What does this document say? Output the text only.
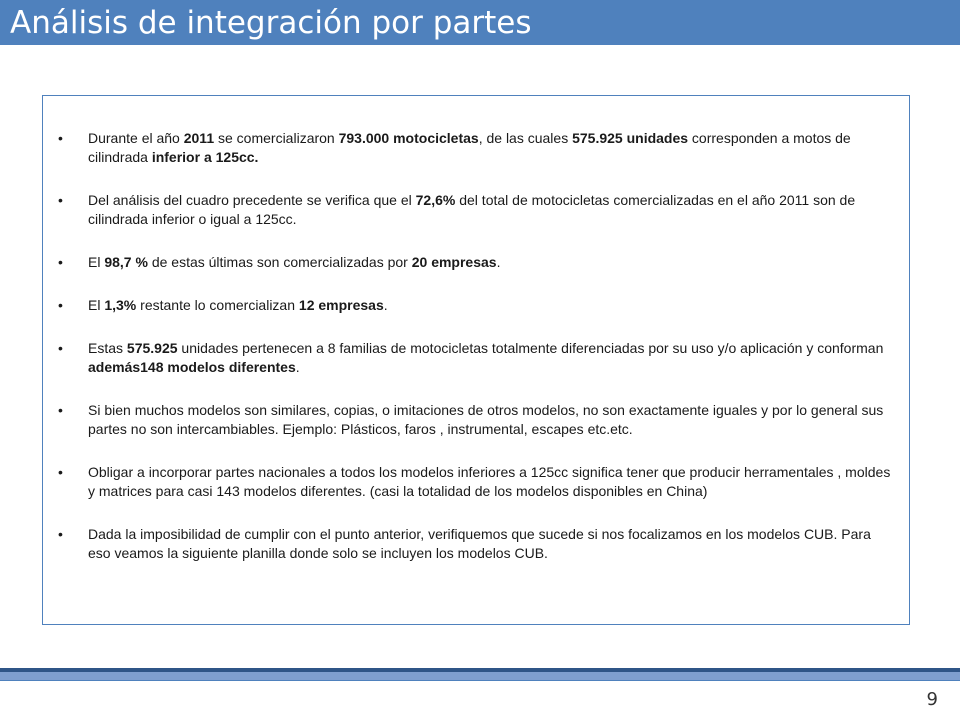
Análisis de integración por partes
• Durante el año 2011 se comercializaron 793.000 motocicletas, de las cuales 575.925 unidades corresponden a motos de cilindrada inferior a 125cc.
• Del análisis del cuadro precedente se verifica que el 72,6% del total de motocicletas comercializadas en el año 2011 son de cilindrada inferior o igual a 125cc.
• El 98,7 % de estas últimas son comercializadas por 20 empresas.
• El 1,3% restante lo comercializan 12 empresas.
• Estas 575.925 unidades pertenecen a 8 familias de motocicletas totalmente diferenciadas por su uso y/o aplicación y conforman además148 modelos diferentes.
• Si bien muchos modelos son similares, copias, o imitaciones de otros modelos, no son exactamente iguales y por lo general sus partes no son intercambiables. Ejemplo: Plásticos, faros , instrumental, escapes etc.etc.
• Obligar a incorporar partes nacionales a todos los modelos inferiores a 125cc significa tener que producir herramentales , moldes y matrices para casi 143 modelos diferentes. (casi la totalidad de los modelos disponibles en China)
• Dada la imposibilidad de cumplir con el punto anterior, verifiquemos que sucede si nos focalizamos en los modelos CUB. Para eso veamos la siguiente planilla donde solo se incluyen los modelos CUB.
9
